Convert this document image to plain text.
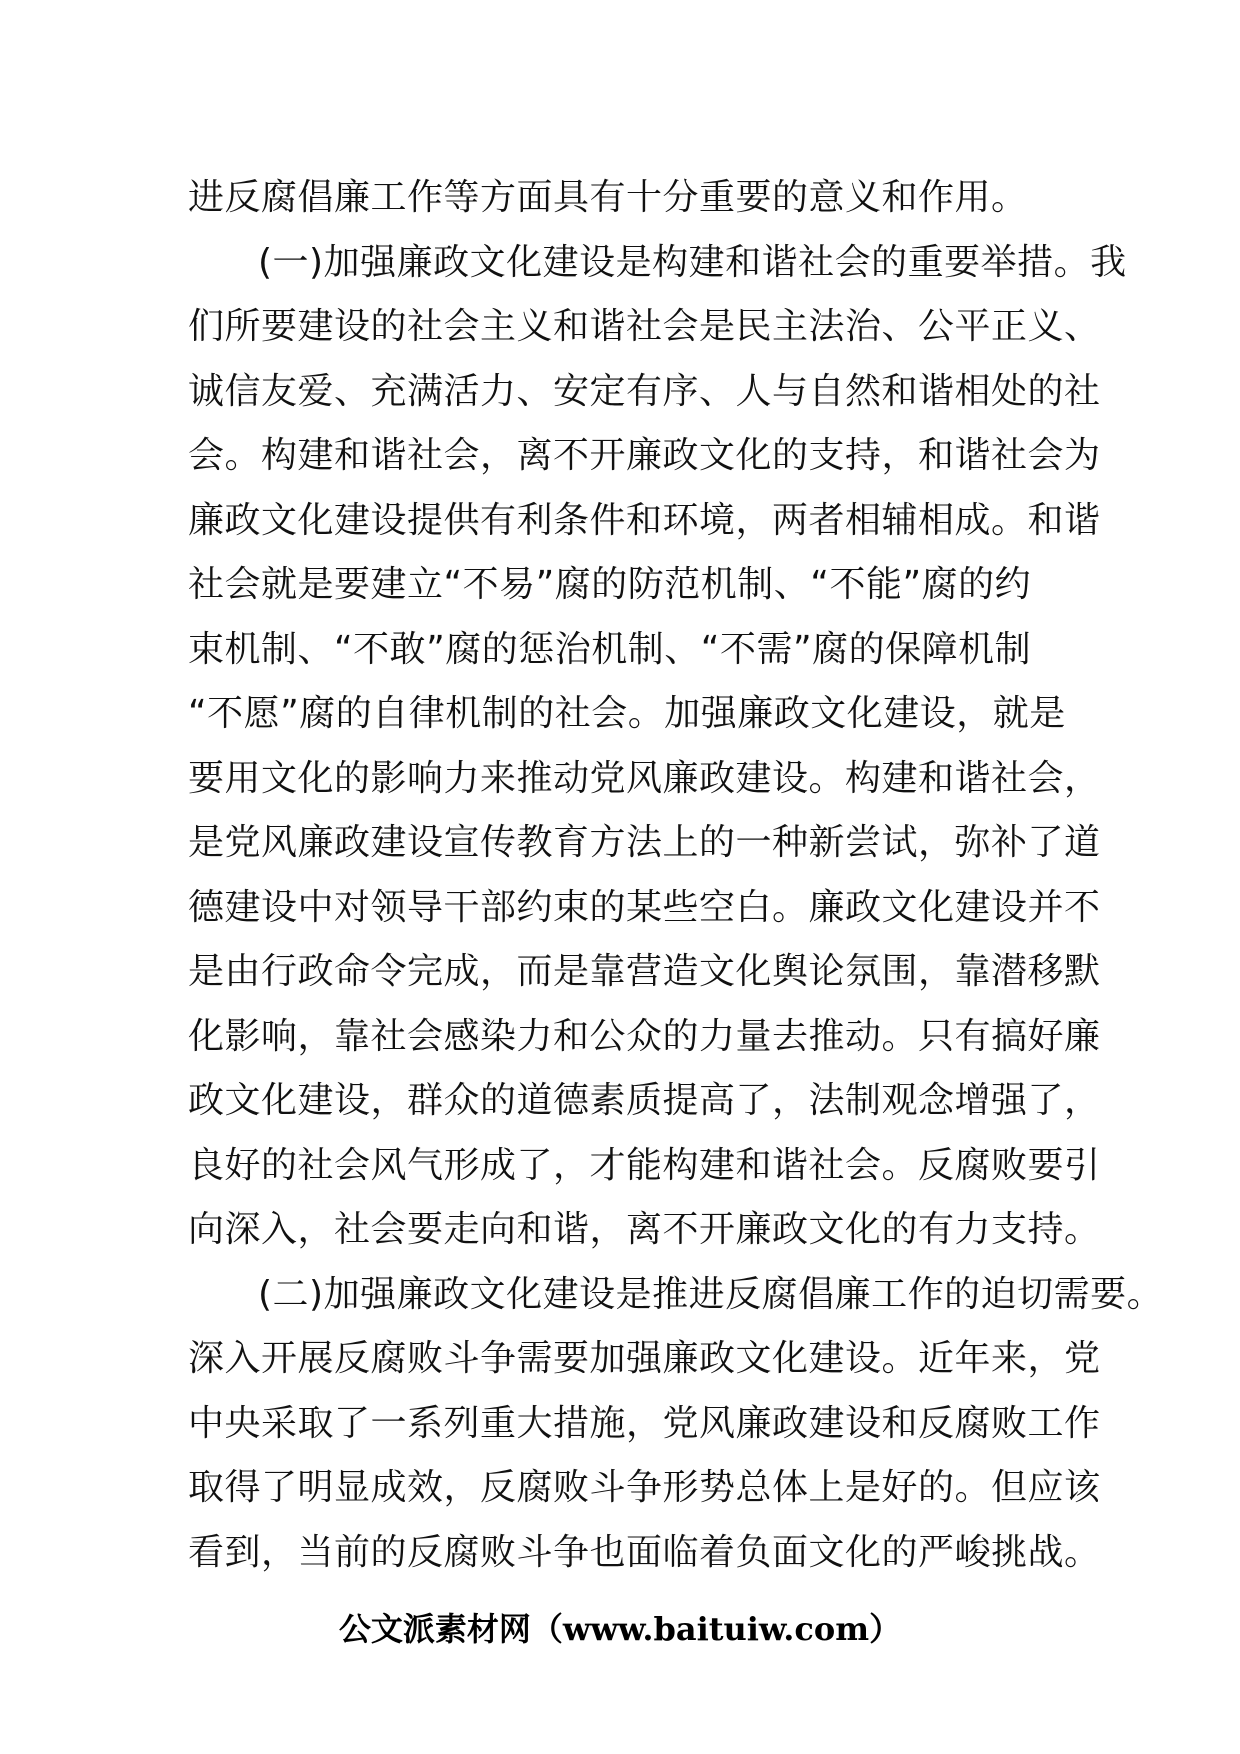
进反腐倡廉工作等方面具有十分重要的意义和作用。
(一)加强廉政文化建设是构建和谐社会的重要举措。我
们所要建设的社会主义和谐社会是民主法治、公平正义、
诚信友爱、充满活力、安定有序、人与自然和谐相处的社
会。构建和谐社会，离不开廉政文化的支持，和谐社会为
廉政文化建设提供有利条件和环境，两者相辅相成。和谐
社会就是要建立“不易”腐的防范机制、“不能”腐的约
束机制、“不敢”腐的惩治机制、“不需”腐的保障机制
“不愿”腐的自律机制的社会。加强廉政文化建设，就是
要用文化的影响力来推动党风廉政建设。构建和谐社会，
是党风廉政建设宣传教育方法上的一种新尝试，弥补了道
德建设中对领导干部约束的某些空白。廉政文化建设并不
是由行政命令完成，而是靠营造文化舆论氛围，靠潜移默
化影响，靠社会感染力和公众的力量去推动。只有搞好廉
政文化建设，群众的道德素质提高了，法制观念增强了，
良好的社会风气形成了，才能构建和谐社会。反腐败要引
向深入，社会要走向和谐，离不开廉政文化的有力支持。
(二)加强廉政文化建设是推进反腐倡廉工作的迫切需要。
深入开展反腐败斗争需要加强廉政文化建设。近年来，党
中央采取了一系列重大措施，党风廉政建设和反腐败工作
取得了明显成效，反腐败斗争形势总体上是好的。但应该
看到，当前的反腐败斗争也面临着负面文化的严峻挑战。
公文派素材网（www.baituiw.com）
